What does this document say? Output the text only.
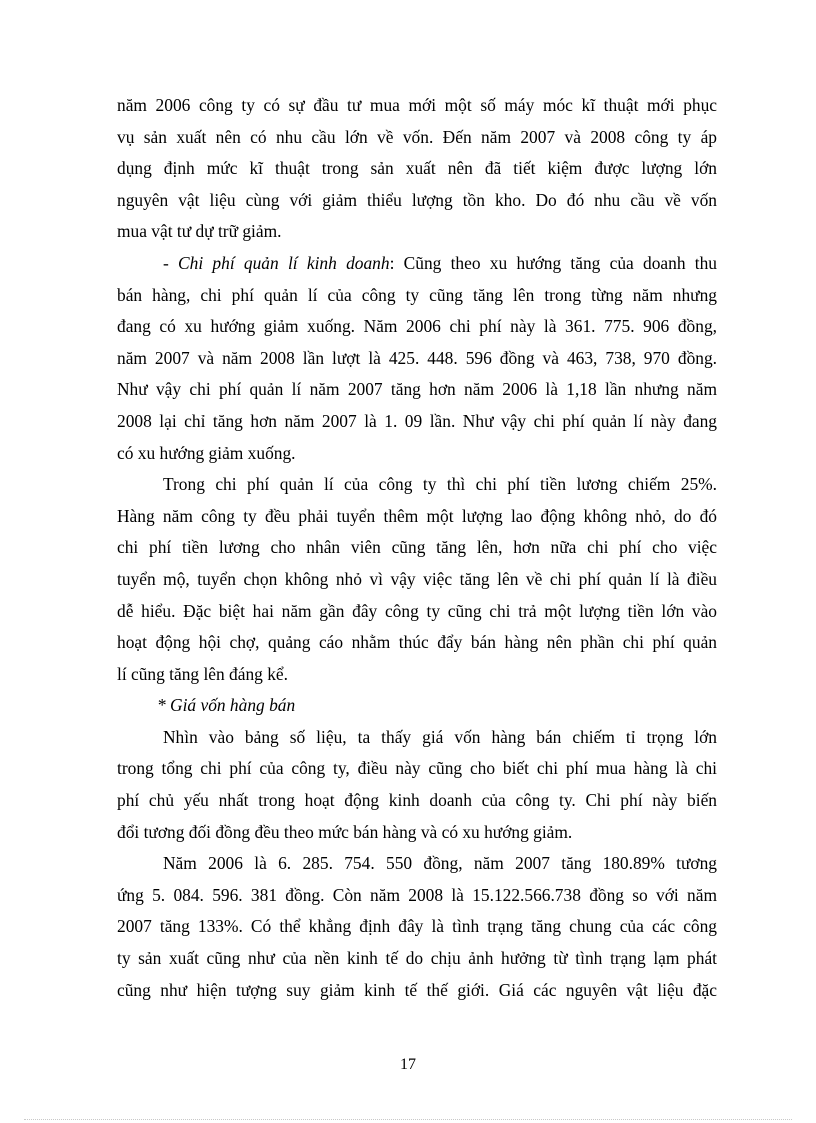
năm 2006 công ty có sự đầu tư mua mới một số máy móc kĩ thuật mới phục
vụ sản xuất nên có nhu cầu lớn về vốn. Đến năm 2007 và 2008 công ty áp
dụng định mức kĩ thuật trong sản xuất nên đã tiết kiệm được lượng lớn
nguyên vật liệu cùng với giảm thiểu lượng tồn kho. Do đó nhu cầu về vốn
mua vật tư dự trữ giảm.
- Chi phí quản lí kinh doanh: Cũng theo xu hướng tăng của doanh thu
bán hàng, chi phí quản lí của công ty cũng tăng lên trong từng năm nhưng
đang có xu hướng giảm xuống. Năm 2006 chi phí này là 361. 775. 906 đồng,
năm 2007 và năm 2008 lần lượt là 425. 448. 596 đồng và 463, 738, 970 đồng.
Như vậy chi phí quản lí năm 2007 tăng hơn năm 2006 là 1,18 lần nhưng năm
2008 lại chỉ tăng hơn năm 2007 là 1. 09 lần. Như vậy chi phí quản lí này đang
có xu hướng giảm xuống.
Trong chi phí quản lí của công ty thì chi phí tiền lương chiếm 25%.
Hàng năm công ty đều phải tuyển thêm một lượng lao động không nhỏ, do đó
chi phí tiền lương cho nhân viên cũng tăng lên, hơn nữa chi phí cho việc
tuyển mộ, tuyển chọn không nhỏ vì vậy việc tăng lên về chi phí quản lí là điều
dễ hiểu. Đặc biệt hai năm gần đây công ty cũng chi trả một lượng tiền lớn vào
hoạt động hội chợ, quảng cáo nhằm thúc đẩy bán hàng nên phần chi phí quản
lí cũng tăng lên đáng kể.
* Giá vốn hàng bán
Nhìn vào bảng số liệu, ta thấy giá vốn hàng bán chiếm tỉ trọng lớn
trong tổng chi phí của công ty, điều này cũng cho biết chi phí mua hàng là chi
phí chủ yếu nhất trong hoạt động kinh doanh của công ty. Chi phí này biến
đổi tương đối đồng đều theo mức bán hàng và có xu hướng giảm.
Năm 2006 là 6. 285. 754. 550 đồng, năm 2007 tăng 180.89% tương
ứng 5. 084. 596. 381 đồng. Còn năm 2008 là 15.122.566.738 đồng so với năm
2007 tăng 133%. Có thể khẳng định đây là tình trạng tăng chung của các công
ty sản xuất cũng như của nền kinh tế do chịu ảnh hưởng từ tình trạng lạm phát
cũng như hiện tượng suy giảm kinh tế thế giới. Giá các nguyên vật liệu đặc
17
